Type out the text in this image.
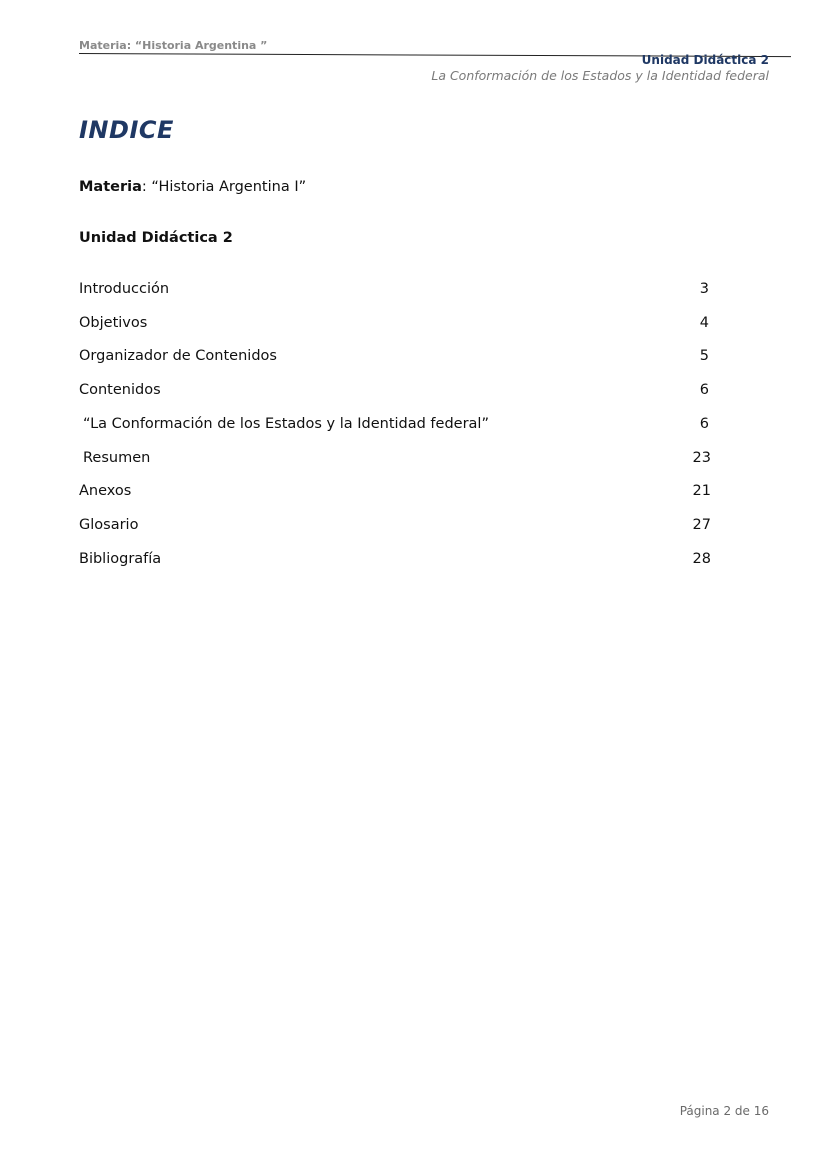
Materia: “Historia Argentina ”
Unidad Didáctica 2
La Conformación de los Estados y la Identidad federal
INDICE
Materia: “Historia Argentina I”
Unidad Didáctica 2
Introducción	3
Objetivos	4
Organizador de Contenidos	5
Contenidos	6
“La Conformación de los Estados y la Identidad federal”	6
Resumen	23
Anexos	21
Glosario	27
Bibliografía	28
Página 2 de 16
